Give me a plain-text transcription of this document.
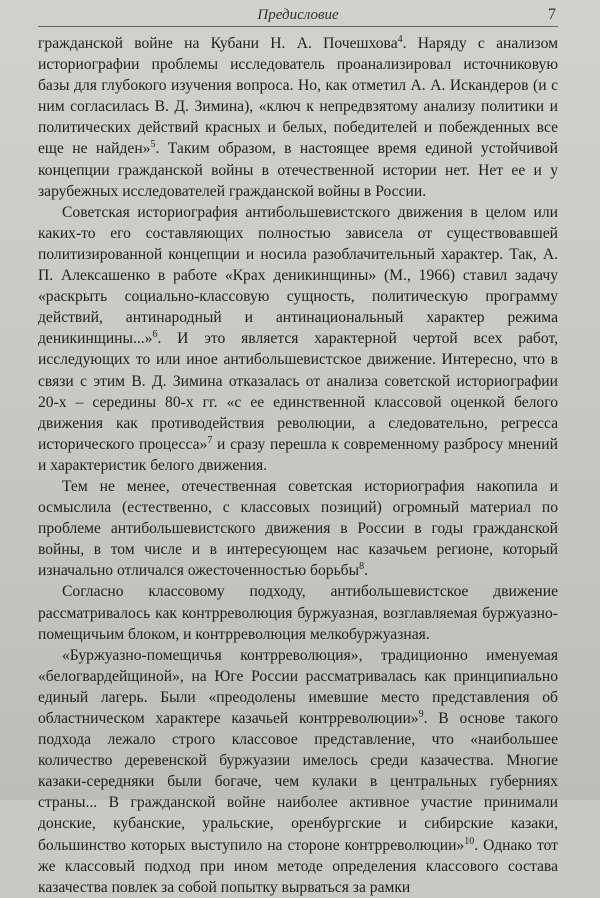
Предисловие	7

гражданской войне на Кубани Н. А. Почешхова$^4$. Наряду с анализом историографии проблемы исследователь проанализировал источниковую базы для глубокого изучения вопроса. Но, как отметил А. А. Искандеров (и с ним согласилась В. Д. Зимина), «ключ к непредвзятому анализу политики и политических действий красных и белых, победителей и побежденных все еще не найден»$^5$. Таким образом, в настоящее время единой устойчивой концепции гражданской войны в отечественной истории нет. Нет ее и у зарубежных исследователей гражданской войны в России.

Советская историография антибольшевистского движения в целом или каких-то его составляющих полностью зависела от существовавшей политизированной концепции и носила разоблачительный характер. Так, А. П. Алексашенко в работе «Крах деникинщины» (М., 1966) ставил задачу «раскрыть социально-классовую сущность, политическую программу действий, антинародный и антинациональный характер режима деникинщины...»$^6$. И это является характерной чертой всех работ, исследующих то или иное антибольшевистское движение. Интересно, что в связи с этим В. Д. Зимина отказалась от анализа советской историографии 20-х – середины 80-х гг. «с ее единственной классовой оценкой белого движения как противодействия революции, а следовательно, регресса исторического процесса»$^7$ и сразу перешла к современному разбросу мнений и характеристик белого движения.

Тем не менее, отечественная советская историография накопила и осмыслила (естественно, с классовых позиций) огромный материал по проблеме антибольшевистского движения в России в годы гражданской войны, в том числе и в интересующем нас казачьем регионе, который изначально отличался ожесточенностью борьбы$^8$.

Согласно классовому подходу, антибольшевистское движение рассматривалось как контрреволюция буржуазная, возглавляемая буржуазно-помещичьим блоком, и контрреволюция мелкобуржуазная.

«Буржуазно-помещичья контрреволюция», традиционно именуемая «белогвардейщиной», на Юге России рассматривалась как принципиально единый лагерь. Были «преодолены имевшие место представления об областническом характере казачьей контрреволюции»$^9$. В основе такого подхода лежало строго классовое представление, что «наибольшее количество деревенской буржуазии имелось среди казачества. Многие казаки-середняки были богаче, чем кулаки в центральных губерниях страны... В гражданской войне наиболее активное участие принимали донские, кубанские, уральские, оренбургские и сибирские казаки, большинство которых выступило на стороне контрреволюции»$^{10}$. Однако тот же классовый подход при ином методе определения классового состава казачества повлек за собой попытку вырваться за рамки
